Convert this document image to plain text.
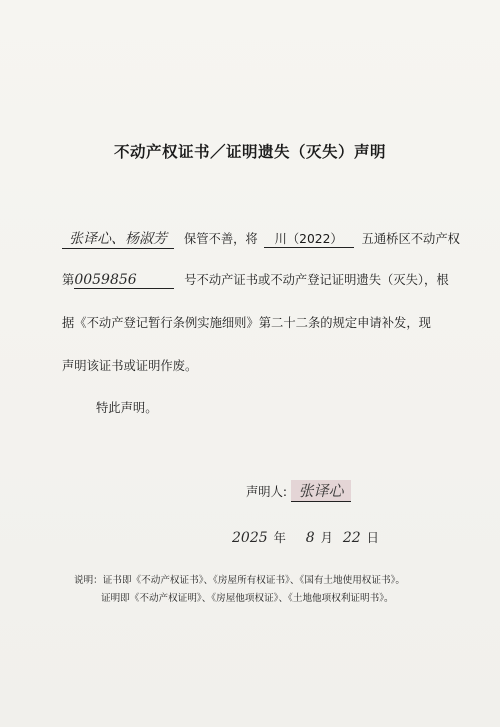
不动产权证书／证明遗失（灭失）声明
张译心、杨淑芳 保管不善，将 川（2022） 五通桥区不动产权
第0059856	号不动产证书或不动产登记证明遗失（灭失），根
据《不动产登记暂行条例实施细则》第二十二条的规定申请补发，现
声明该证书或证明作废。
特此声明。
声明人: 张译心
2025 年 8 月 22 日
说明：证书即《不动产权证书》、《房屋所有权证书》、《国有土地使用权证书》。
证明即《不动产权证明》、《房屋他项权证》、《土地他项权利证明书》。
